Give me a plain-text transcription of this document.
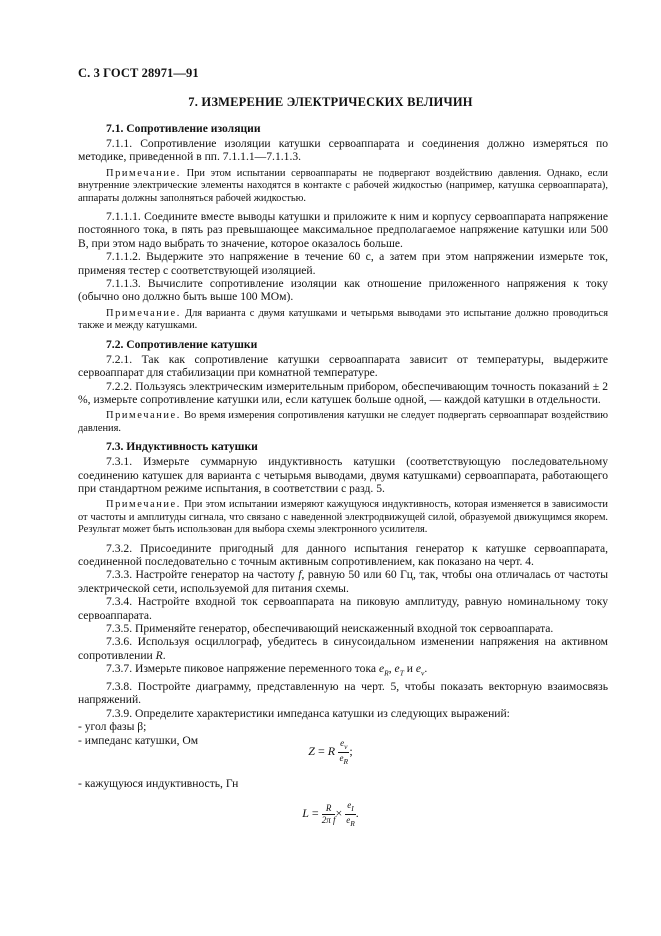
С. 3 ГОСТ 28971—91
7. ИЗМЕРЕНИЕ ЭЛЕКТРИЧЕСКИХ ВЕЛИЧИН

7.1. Сопротивление изоляции

7.1.1. Сопротивление изоляции катушки сервоаппарата и соединения должно измеряться по методике, приведенной в пп. 7.1.1.1—7.1.1.3.

Примечание. При этом испытании сервоаппараты не подвергают воздействию давления. Однако, если внутренние электрические элементы находятся в контакте с рабочей жидкостью (например, катушка сервоаппарата), аппараты должны заполняться рабочей жидкостью.

7.1.1.1. Соедините вместе выводы катушки и приложите к ним и корпусу сервоаппарата напряжение постоянного тока, в пять раз превышающее максимальное предполагаемое напряжение катушки или 500 В, при этом надо выбрать то значение, которое оказалось больше.

7.1.1.2. Выдержите это напряжение в течение 60 с, а затем при этом напряжении измерьте ток, применяя тестер с соответствующей изоляцией.

7.1.1.3. Вычислите сопротивление изоляции как отношение приложенного напряжения к току (обычно оно должно быть выше 100 МОм).

Примечание. Для варианта с двумя катушками и четырьмя выводами это испытание должно проводиться также и между катушками.

7.2. Сопротивление катушки

7.2.1. Так как сопротивление катушки сервоаппарата зависит от температуры, выдержите сервоаппарат для стабилизации при комнатной температуре.

7.2.2. Пользуясь электрическим измерительным прибором, обеспечивающим точность показаний ± 2 %, измерьте сопротивление катушки или, если катушек больше одной, — каждой катушки в отдельности.

Примечание. Во время измерения сопротивления катушки не следует подвергать сервоаппарат воздействию давления.

7.3. Индуктивность катушки

7.3.1. Измерьте суммарную индуктивность катушки (соответствующую последовательному соединению катушек для варианта с четырьмя выводами, двумя катушками) сервоаппарата, работающего при стандартном режиме испытания, в соответствии с разд. 5.

Примечание. При этом испытании измеряют кажущуюся индуктивность, которая изменяется в зависимости от частоты и амплитуды сигнала, что связано с наведенной электродвижущей силой, образуемой движущимся якорем. Результат может быть использован для выбора схемы электронного усилителя.

7.3.2. Присоедините пригодный для данного испытания генератор к катушке сервоаппарата, соединенной последовательно с точным активным сопротивлением, как показано на черт. 4.

7.3.3. Настройте генератор на частоту f, равную 50 или 60 Гц, так, чтобы она отличалась от частоты электрической сети, используемой для питания схемы.

7.3.4. Настройте входной ток сервоаппарата на пиковую амплитуду, равную номинальному току сервоаппарата.

7.3.5. Применяйте генератор, обеспечивающий неискаженный входной ток сервоаппарата.

7.3.6. Используя осциллограф, убедитесь в синусоидальном изменении напряжения на активном сопротивлении R.

7.3.7. Измерьте пиковое напряжение переменного тока $e_R$, $e_T$ и $e_v$.

7.3.8. Постройте диаграмму, представленную на черт. 5, чтобы показать векторную взаимосвязь напряжений.

7.3.9. Определите характеристики импеданса катушки из следующих выражений:

- угол фазы β;

- импеданс катушки, Ом

Z = R $\frac{e_v}{e_R}$ ;

- кажущуюся индуктивность, Гн

$L = \frac{R}{\text{2π f}} \times \frac{e_I}{e_R}$ .
